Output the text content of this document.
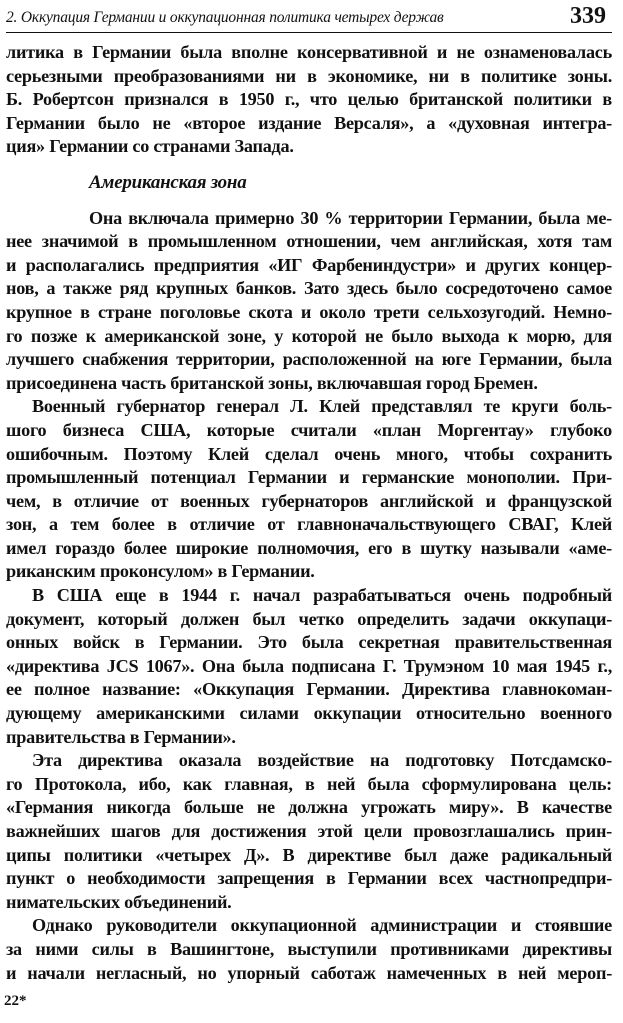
2. Оккупация Германии и оккупационная политика четырех держав	339
литика в Германии была вполне консервативной и не ознаменовалась
серьезными преобразованиями ни в экономике, ни в политике зоны.
Б. Робертсон признался в 1950 г., что целью британской политики в
Германии было не «второе издание Версаля», а «духовная интегра-
ция» Германии со странами Запада.
Американская зона
Она включала примерно 30 % территории Германии, была ме-
нее значимой в промышленном отношении, чем английская, хотя там
и располагались предприятия «ИГ Фарбениндустри» и других концер-
нов, а также ряд крупных банков. Зато здесь было сосредоточено самое
крупное в стране поголовье скота и около трети сельхозугодий. Немно-
го позже к американской зоне, у которой не было выхода к морю, для
лучшего снабжения территории, расположенной на юге Германии, была
присоединена часть британской зоны, включавшая город Бремен.
Военный губернатор генерал Л. Клей представлял те круги боль-
шого бизнеса США, которые считали «план Моргентау» глубоко
ошибочным. Поэтому Клей сделал очень много, чтобы сохранить
промышленный потенциал Германии и германские монополии. При-
чем, в отличие от военных губернаторов английской и французской
зон, а тем более в отличие от главноначальствующего СВАГ, Клей
имел гораздо более широкие полномочия, его в шутку называли «аме-
риканским проконсулом» в Германии.
В США еще в 1944 г. начал разрабатываться очень подробный
документ, который должен был четко определить задачи оккупаци-
онных войск в Германии. Это была секретная правительственная
«директива JCS 1067». Она была подписана Г. Трумэном 10 мая 1945 г.,
ее полное название: «Оккупация Германии. Директива главнокоман-
дующему американскими силами оккупации относительно военного
правительства в Германии».
Эта директива оказала воздействие на подготовку Потсдамско-
го Протокола, ибо, как главная, в ней была сформулирована цель:
«Германия никогда больше не должна угрожать миру». В качестве
важнейших шагов для достижения этой цели провозглашались прин-
ципы политики «четырех Д». В директиве был даже радикальный
пункт о необходимости запрещения в Германии всех частнопредпри-
нимательских объединений.
Однако руководители оккупационной администрации и стоявшие
за ними силы в Вашингтоне, выступили противниками директивы
и начали негласный, но упорный саботаж намеченных в ней мероп-
22*
